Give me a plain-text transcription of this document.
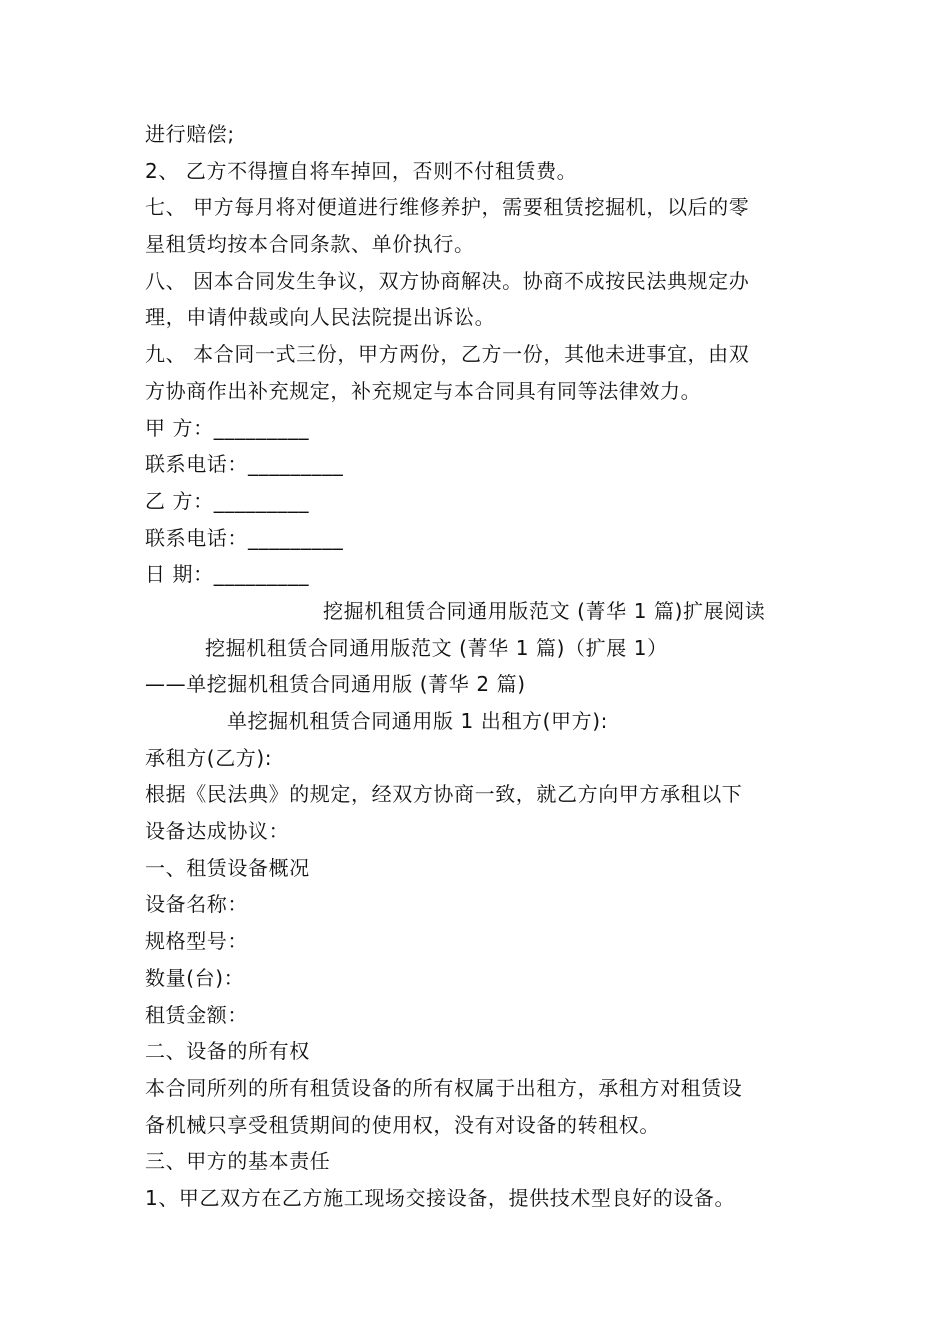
进行赔偿;
2、 乙方不得擅自将车掉回，否则不付租赁费。
七、 甲方每月将对便道进行维修养护，需要租赁挖掘机，以后的零
星租赁均按本合同条款、单价执行。
八、 因本合同发生争议，双方协商解决。协商不成按民法典规定办
理，申请仲裁或向人民法院提出诉讼。
九、 本合同一式三份，甲方两份，乙方一份，其他未进事宜，由双
方协商作出补充规定，补充规定与本合同具有同等法律效力。
甲 方：_________
联系电话：_________
乙 方：_________
联系电话：_________
日 期：_________
挖掘机租赁合同通用版范文 (菁华 1 篇)扩展阅读
挖掘机租赁合同通用版范文 (菁华 1 篇)（扩展 1）
——单挖掘机租赁合同通用版 (菁华 2 篇)
单挖掘机租赁合同通用版 1 出租方(甲方):
承租方(乙方):
根据《民法典》的规定，经双方协商一致，就乙方向甲方承租以下
设备达成协议：
一、租赁设备概况
设备名称：
规格型号：
数量(台)：
租赁金额：
二、设备的所有权
本合同所列的所有租赁设备的所有权属于出租方，承租方对租赁设
备机械只享受租赁期间的使用权，没有对设备的转租权。
三、甲方的基本责任
1、甲乙双方在乙方施工现场交接设备，提供技术型良好的设备。
